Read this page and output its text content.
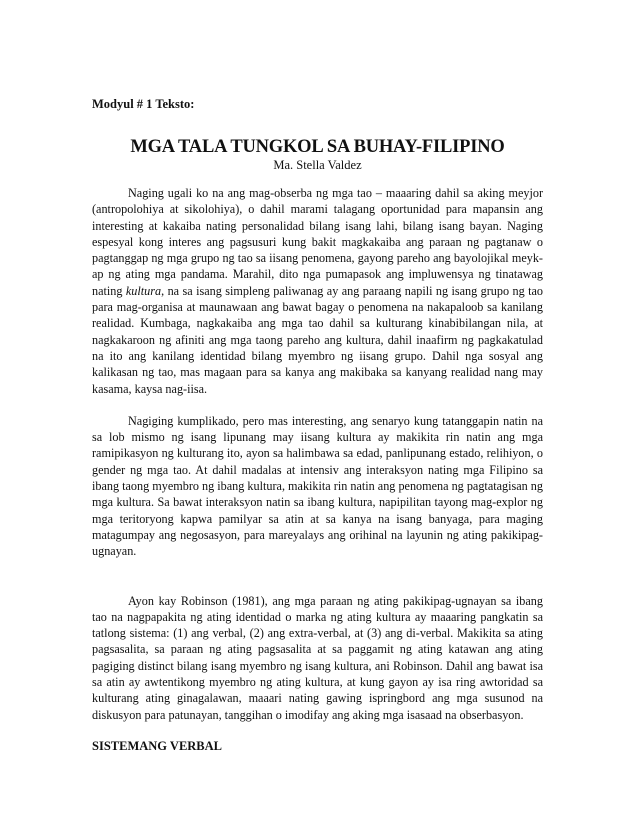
Modyul # 1 Teksto:

MGA TALA TUNGKOL SA BUHAY-FILIPINO

Ma. Stella Valdez

Naging ugali ko na ang mag-obserba ng mga tao – maaaring dahil sa aking meyjor (antropolohiya at sikolohiya), o dahil marami talagang oportunidad para mapansin ang interesting at kakaiba nating personalidad bilang isang lahi, bilang isang bayan. Naging espesyal kong interes ang pagsusuri kung bakit magkakaiba ang paraan ng pagtanaw o pagtanggap ng mga grupo ng tao sa iisang penomena, gayong pareho ang bayolojikal meyk-ap ng ating mga pandama. Marahil, dito nga pumapasok ang impluwensya ng tinatawag nating kultura, na sa isang simpleng paliwanag ay ang paraang napili ng isang grupo ng tao para mag-organisa at maunawaan ang bawat bagay o penomena na nakapaloob sa kanilang realidad. Kumbaga, nagkakaiba ang mga tao dahil sa kulturang kinabibilangan nila, at nagkakaroon ng afiniti ang mga taong pareho ang kultura, dahil inaafirm ng pagkakatulad na ito ang kanilang identidad bilang myembro ng iisang grupo. Dahil nga sosyal ang kalikasan ng tao, mas magaan para sa kanya ang makibaka sa kanyang realidad nang may kasama, kaysa nag-iisa.

Nagiging kumplikado, pero mas interesting, ang senaryo kung tatanggapin natin na sa lob mismo ng isang lipunang may iisang kultura ay makikita rin natin ang mga ramipikasyon ng kulturang ito, ayon sa halimbawa sa edad, panlipunang estado, relihiyon, o gender ng mga tao. At dahil madalas at intensiv ang interaksyon nating mga Filipino sa ibang taong myembro ng ibang kultura, makikita rin natin ang penomena ng pagtatagisan ng mga kultura. Sa bawat interaksyon natin sa ibang kultura, napipilitan tayong mag-explor ng mga teritoryong kapwa pamilyar sa atin at sa kanya na isang banyaga, para maging matagumpay ang negosasyon, para mareyalays ang orihinal na layunin ng ating pakikipag-ugnayan.

Ayon kay Robinson (1981), ang mga paraan ng ating pakikipag-ugnayan sa ibang tao na nagpapakita ng ating identidad o marka ng ating kultura ay maaaring pangkatin sa tatlong sistema: (1) ang verbal, (2) ang extra-verbal, at (3) ang di-verbal. Makikita sa ating pagsasalita, sa paraan ng ating pagsasalita at sa paggamit ng ating katawan ang ating pagiging distinct bilang isang myembro ng isang kultura, ani Robinson. Dahil ang bawat isa sa atin ay awtentikong myembro ng ating kultura, at kung gayon ay isa ring awtoridad sa kulturang ating ginagalawan, maaari nating gawing ispringbord ang mga susunod na diskusyon para patunayan, tanggihan o imodifay ang aking mga isasaad na obserbasyon.

SISTEMANG VERBAL
